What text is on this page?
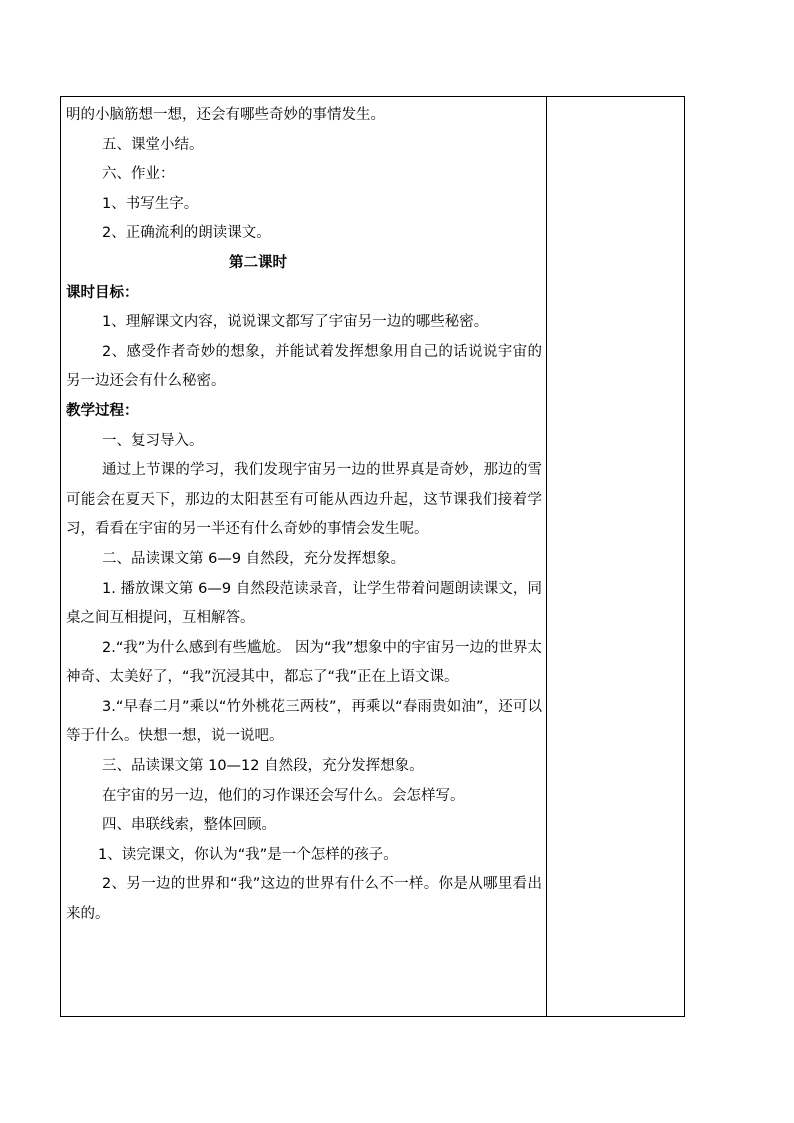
明的小脑筋想一想，还会有哪些奇妙的事情发生。

五、课堂小结。

六、作业：

1、书写生字。

2、正确流利的朗读课文。

第二课时

课时目标：

1、理解课文内容，说说课文都写了宇宙另一边的哪些秘密。

2、感受作者奇妙的想象，并能试着发挥想象用自己的话说说宇宙的另一边还会有什么秘密。

教学过程：

一、复习导入。

通过上节课的学习，我们发现宇宙另一边的世界真是奇妙，那边的雪可能会在夏天下，那边的太阳甚至有可能从西边升起，这节课我们接着学习，看看在宇宙的另一半还有什么奇妙的事情会发生呢。

二、品读课文第 6—9 自然段，充分发挥想象。

1. 播放课文第 6—9 自然段范读录音，让学生带着问题朗读课文，同桌之间互相提问，互相解答。

2.“我”为什么感到有些尴尬。 因为“我”想象中的宇宙另一边的世界太神奇、太美好了，“我”沉浸其中，都忘了“我”正在上语文课。

3.“早春二月”乘以“竹外桃花三两枝”，再乘以“春雨贵如油”，还可以等于什么。快想一想，说一说吧。

三、品读课文第 10—12 自然段，充分发挥想象。

在宇宙的另一边，他们的习作课还会写什么。会怎样写。

四、串联线索，整体回顾。

1、读完课文，你认为“我”是一个怎样的孩子。

2、另一边的世界和“我”这边的世界有什么不一样。你是从哪里看出来的。
